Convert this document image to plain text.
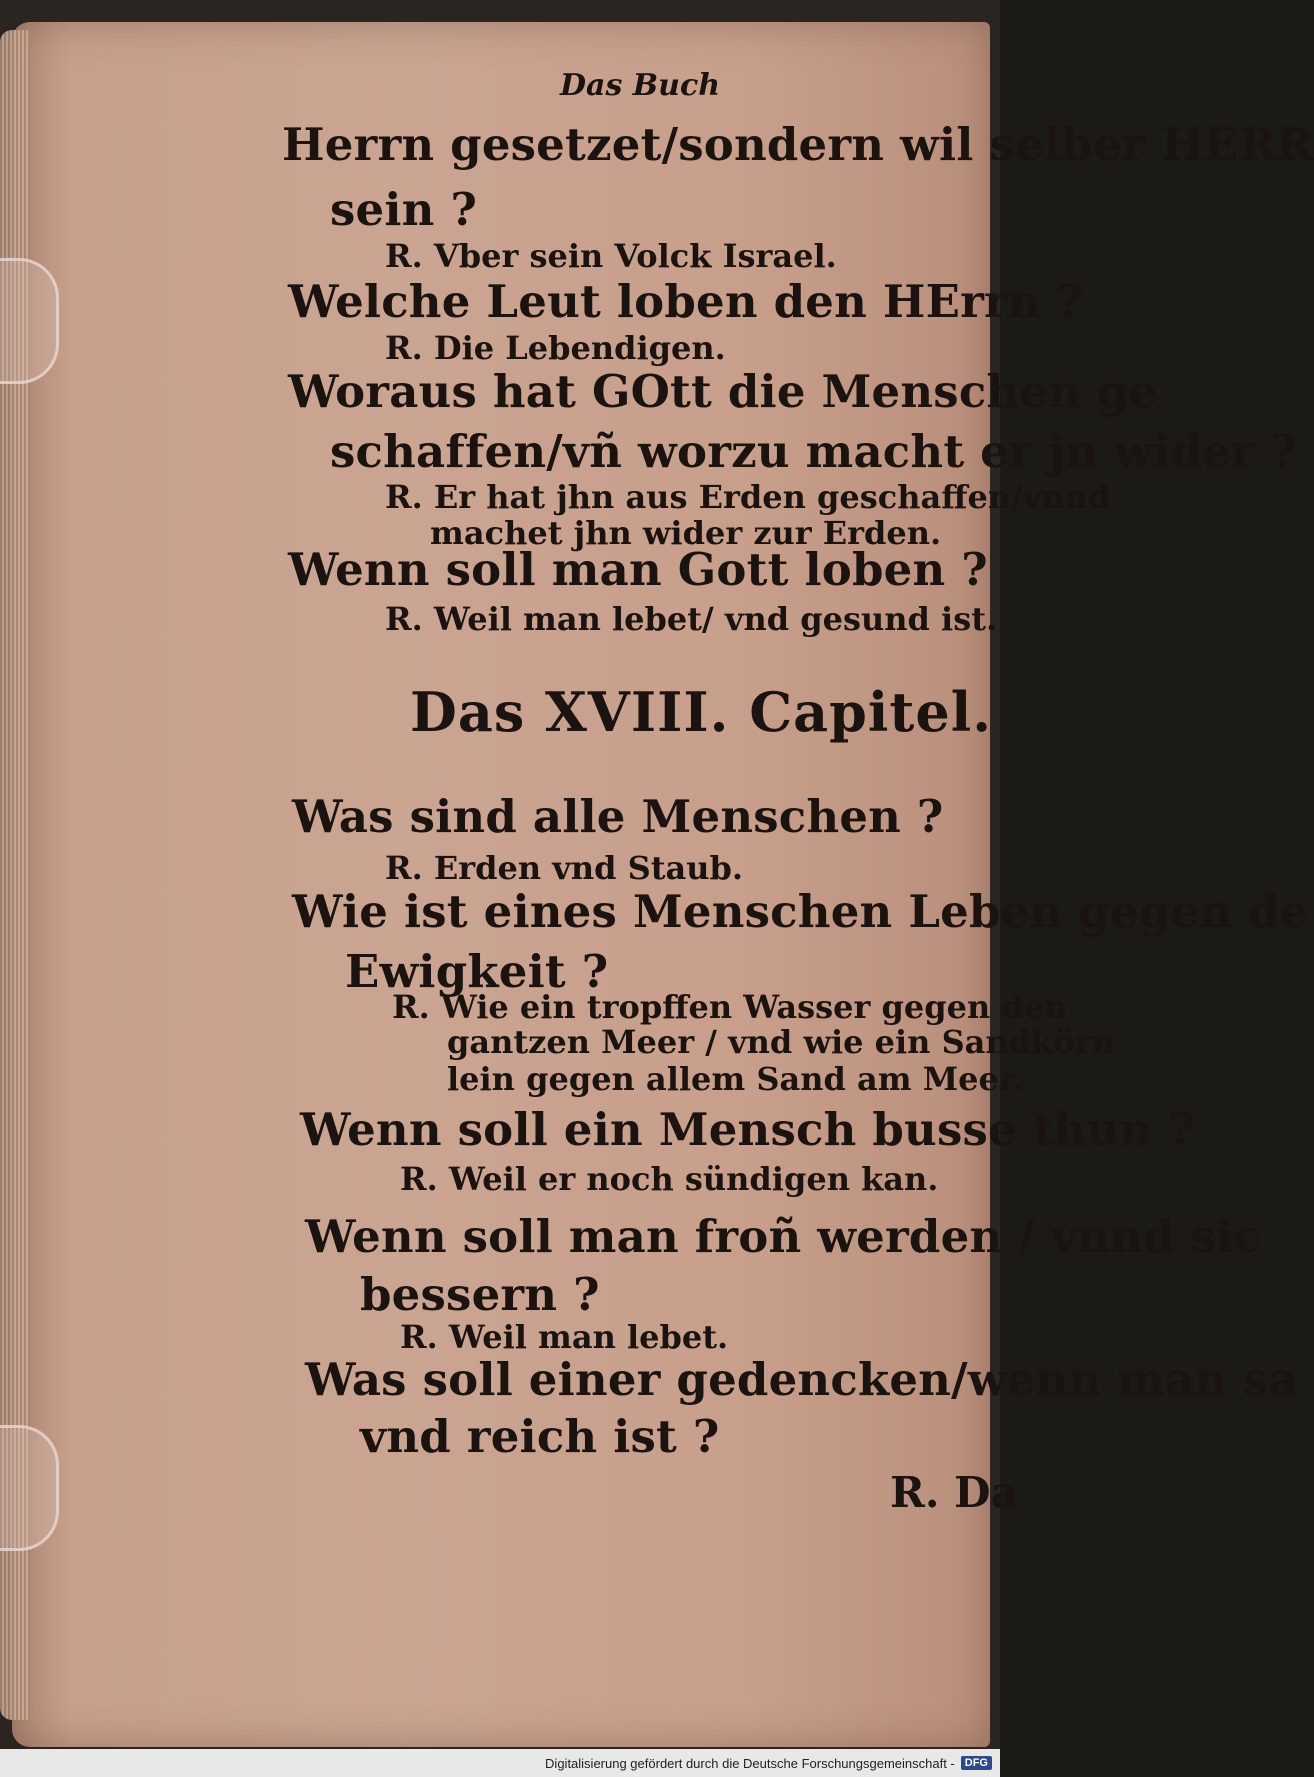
Das Buch
Herrn gesetzet/sondern wil selber HERR
sein ?
R. Vber sein Volck Israel.
Welche Leut loben den HErrn ?
R. Die Lebendigen.
Woraus hat GOtt die Menschen ge
schaffen/vñ worzu macht er jn wider ?
R. Er hat jhn aus Erden geschaffen/vnnd
machet jhn wider zur Erden.
Wenn soll man Gott loben ?
R. Weil man lebet/ vnd gesund ist.
Das XVIII. Capitel.
Was sind alle Menschen ?
R. Erden vnd Staub.
Wie ist eines Menschen Leben gegen de
Ewigkeit ?
R. Wie ein tropffen Wasser gegen den
gantzen Meer / vnd wie ein Sandkörn
lein gegen allem Sand am Meer.
Wenn soll ein Mensch busse thun ?
R. Weil er noch sündigen kan.
Wenn soll man froñ werden / vnnd sic
bessern ?
R. Weil man lebet.
Was soll einer gedencken/wenn man sa
vnd reich ist ?
R. Da
Digitalisierung gefördert durch die Deutsche Forschungsgemeinschaft - DFG
